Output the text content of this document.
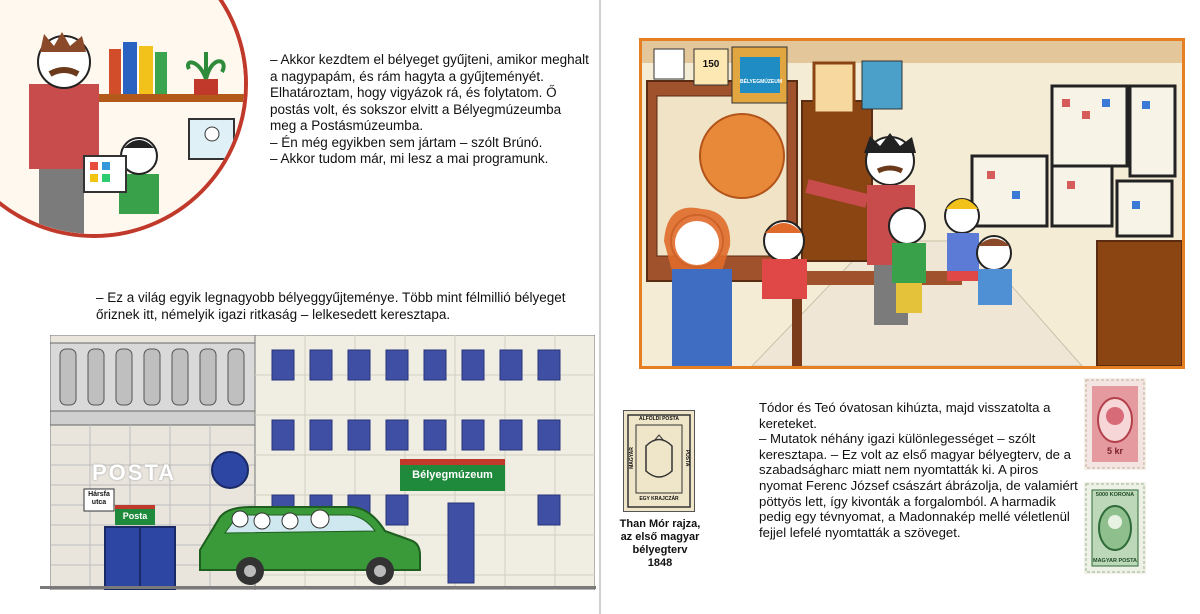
– Akkor kezdtem el bélyeget gyűjteni, amikor meghalt a nagypapám, és rám hagyta a gyűjteményét. Elhatároztam, hogy vigyázok rá, és folytatom. Ő postás volt, és sokszor elvitt a Bélyegmúzeumba meg a Postásmúzeumba.

– Én még egyikben sem jártam – szólt Brúnó.

– Akkor tudom már, mi lesz a mai programunk.

– Ez a világ egyik legnagyobb bélyeggyűjteménye. Több mint félmillió bélyeget őriznek itt, némelyik igazi ritkaság – lelkesedett keresztapa.

POSTA
Hársfa utca
Posta
Bélyegmúzeum
150
BÉLYEGMÚZEUM
ALFÖLDI POSTA
MAGYAR	POSTA
EGY KRAJCZÁR
Than Mór rajza,
az első magyar
bélyegterv
1848

Tódor és Teó óvatosan kihúzta, majd visszatolta a kereteket.

– Mutatok néhány igazi különlegességet – szólt keresztapa. – Ez volt az első magyar bélyegterv, de a szabadságharc miatt nem nyomtatták ki. A piros nyomat Ferenc József császárt ábrázolja, de valamiért pöttyös lett, így kivonták a forgalomból. A harmadik pedig egy tévnyomat, a Madonnakép mellé véletlenül fejjel lefelé nyomtatták a szöveget.

5 kr
5000 KORONA
MAGYAR POSTA
